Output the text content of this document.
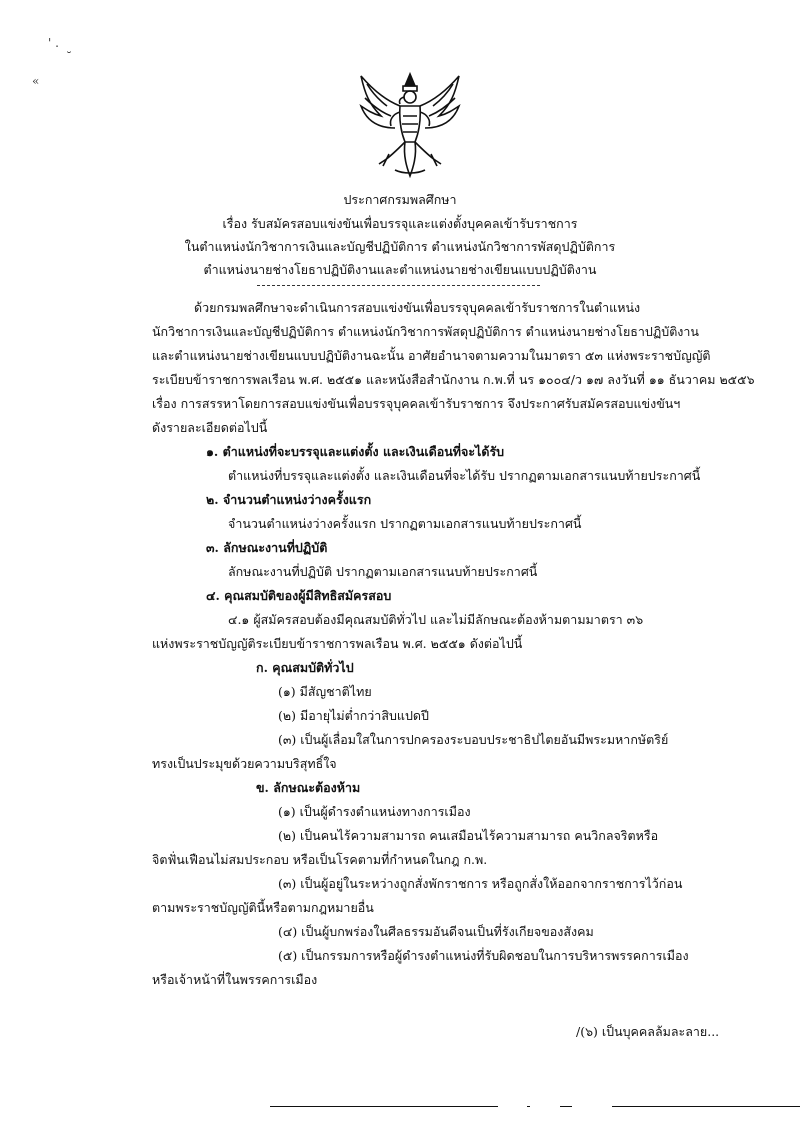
' .
˘
«
ประกาศกรมพลศึกษา
เรื่อง รับสมัครสอบแข่งขันเพื่อบรรจุและแต่งตั้งบุคคลเข้ารับราชการ
ในตำแหน่งนักวิชาการเงินและบัญชีปฏิบัติการ ตำแหน่งนักวิชาการพัสดุปฏิบัติการ
ตำแหน่งนายช่างโยธาปฏิบัติงานและตำแหน่งนายช่างเขียนแบบปฏิบัติงาน
ด้วยกรมพลศึกษาจะดำเนินการสอบแข่งขันเพื่อบรรจุบุคคลเข้ารับราชการในตำแหน่ง
นักวิชาการเงินและบัญชีปฏิบัติการ ตำแหน่งนักวิชาการพัสดุปฏิบัติการ ตำแหน่งนายช่างโยธาปฏิบัติงาน
และตำแหน่งนายช่างเขียนแบบปฏิบัติงานฉะนั้น อาศัยอำนาจตามความในมาตรา ๕๓ แห่งพระราชบัญญัติ
ระเบียบข้าราชการพลเรือน พ.ศ. ๒๕๕๑ และหนังสือสำนักงาน ก.พ.ที่ นร ๑๐๐๔/ว ๑๗ ลงวันที่ ๑๑ ธันวาคม ๒๕๕๖
เรื่อง การสรรหาโดยการสอบแข่งขันเพื่อบรรจุบุคคลเข้ารับราชการ จึงประกาศรับสมัครสอบแข่งขันฯ
ดังรายละเอียดต่อไปนี้
๑. ตำแหน่งที่จะบรรจุและแต่งตั้ง และเงินเดือนที่จะได้รับ
ตำแหน่งที่บรรจุและแต่งตั้ง และเงินเดือนที่จะได้รับ ปรากฏตามเอกสารแนบท้ายประกาศนี้
๒. จำนวนตำแหน่งว่างครั้งแรก
จำนวนตำแหน่งว่างครั้งแรก ปรากฏตามเอกสารแนบท้ายประกาศนี้
๓. ลักษณะงานที่ปฏิบัติ
ลักษณะงานที่ปฏิบัติ ปรากฏตามเอกสารแนบท้ายประกาศนี้
๔. คุณสมบัติของผู้มีสิทธิสมัครสอบ
๔.๑ ผู้สมัครสอบต้องมีคุณสมบัติทั่วไป และไม่มีลักษณะต้องห้ามตามมาตรา ๓๖
แห่งพระราชบัญญัติระเบียบข้าราชการพลเรือน พ.ศ. ๒๕๕๑ ดังต่อไปนี้
ก. คุณสมบัติทั่วไป
(๑) มีสัญชาติไทย
(๒) มีอายุไม่ต่ำกว่าสิบแปดปี
(๓) เป็นผู้เลื่อมใสในการปกครองระบอบประชาธิปไตยอันมีพระมหากษัตริย์
ทรงเป็นประมุขด้วยความบริสุทธิ์ใจ
ข. ลักษณะต้องห้าม
(๑) เป็นผู้ดำรงตำแหน่งทางการเมือง
(๒) เป็นคนไร้ความสามารถ คนเสมือนไร้ความสามารถ คนวิกลจริตหรือ
จิตฟั่นเฟือนไม่สมประกอบ หรือเป็นโรคตามที่กำหนดในกฎ ก.พ.
(๓) เป็นผู้อยู่ในระหว่างถูกสั่งพักราชการ หรือถูกสั่งให้ออกจากราชการไว้ก่อน
ตามพระราชบัญญัตินี้หรือตามกฎหมายอื่น
(๔) เป็นผู้บกพร่องในศีลธรรมอันดีจนเป็นที่รังเกียจของสังคม
(๕) เป็นกรรมการหรือผู้ดำรงตำแหน่งที่รับผิดชอบในการบริหารพรรคการเมือง
หรือเจ้าหน้าที่ในพรรคการเมือง
/(๖) เป็นบุคคลล้มละลาย...
